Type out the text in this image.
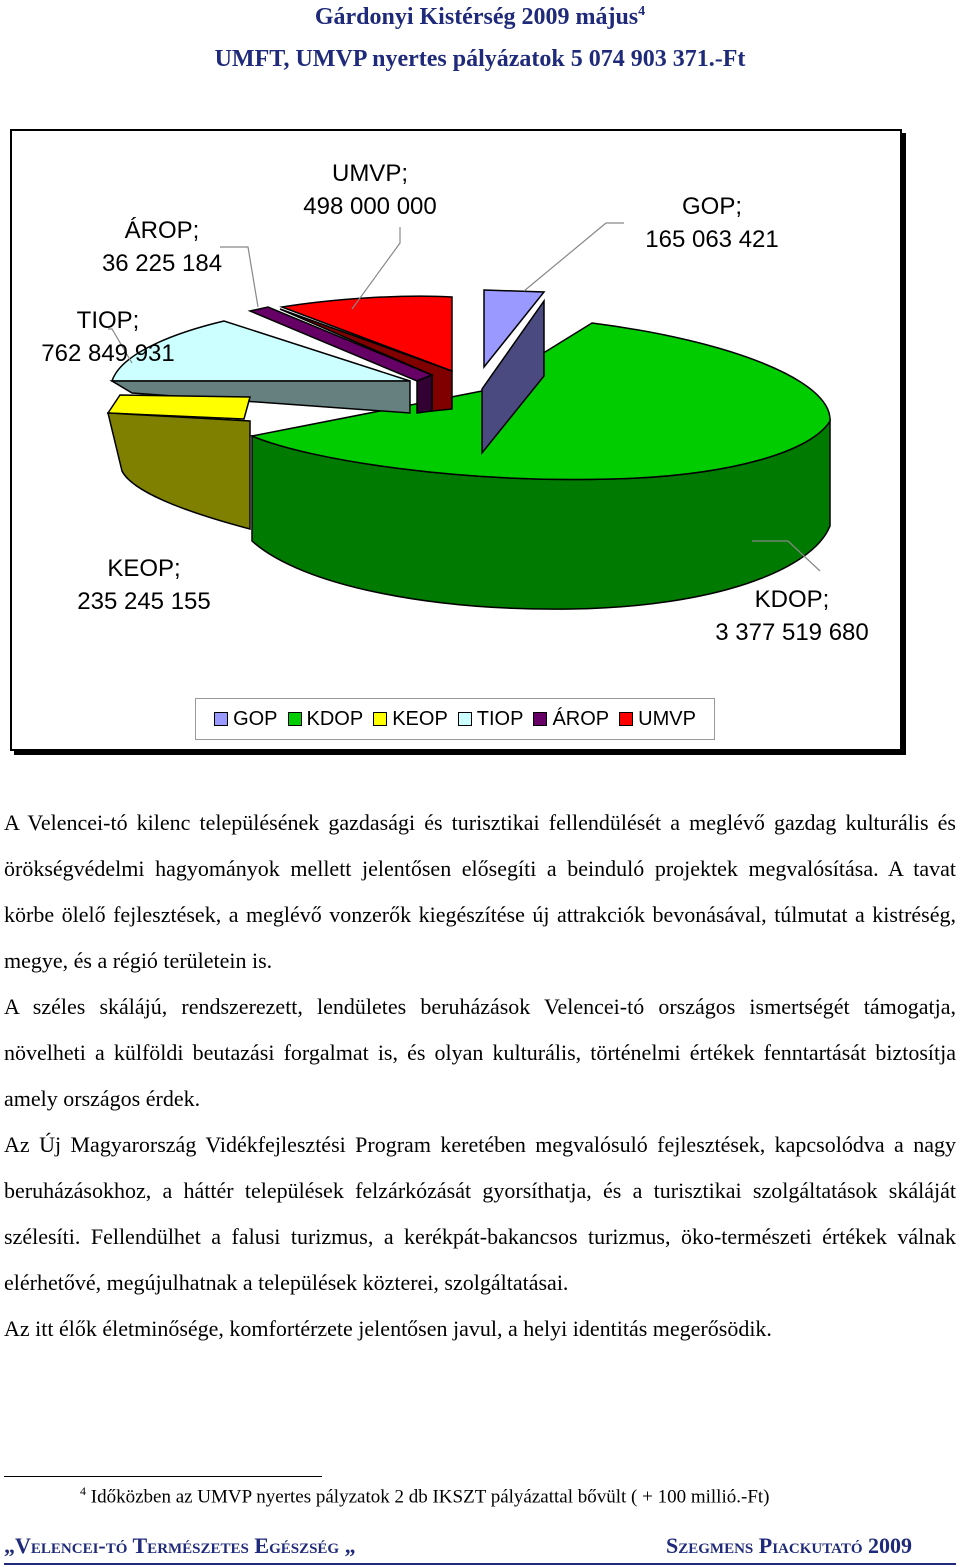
Gárdonyi Kistérség 2009 május$^4$
UMFT, UMVP nyertes pályázatok 5 074 903 371.-Ft
UMVP;
498 000 000
ÁROP;
36 225 184
GOP;
165 063 421
TIOP;
762 849 931
KEOP;
235 245 155	KDOP;
3 377 519 680
GOP KDOP KEOP TIOP ÁROP UMVP

A Velencei-tó kilenc településének gazdasági és turisztikai fellendülését a meglévő gazdag kulturális és örökségvédelmi hagyományok mellett jelentősen elősegíti a beinduló projektek megvalósítása. A tavat körbe ölelő fejlesztések, a meglévő vonzerők kiegészítése új attrakciók bevonásával, túlmutat a kistréség, megye, és a régió területein is.

A széles skálájú, rendszerezett, lendületes beruházások Velencei-tó országos ismertségét támogatja, növelheti a külföldi beutazási forgalmat is, és olyan kulturális, történelmi értékek fenntartását biztosítja amely országos érdek.

Az Új Magyarország Vidékfejlesztési Program keretében megvalósuló fejlesztések, kapcsolódva a nagy beruházásokhoz, a háttér települések felzárkózását gyorsíthatja, és a turisztikai szolgáltatások skáláját szélesíti. Fellendülhet a falusi turizmus, a kerékpát-bakancsos turizmus, öko-természeti értékek válnak elérhetővé, megújulhatnak a települések közterei, szolgáltatásai.

Az itt élők életminősége, komfortérzete jelentősen javul, a helyi identitás megerősödik.

$^4$ Időközben az UMVP nyertes pályzatok 2 db IKSZT pályázattal bővült ( + 100 millió.-Ft)
„Velencei-tó Természetes Egészség „	Szegmens Piackutató 2009
